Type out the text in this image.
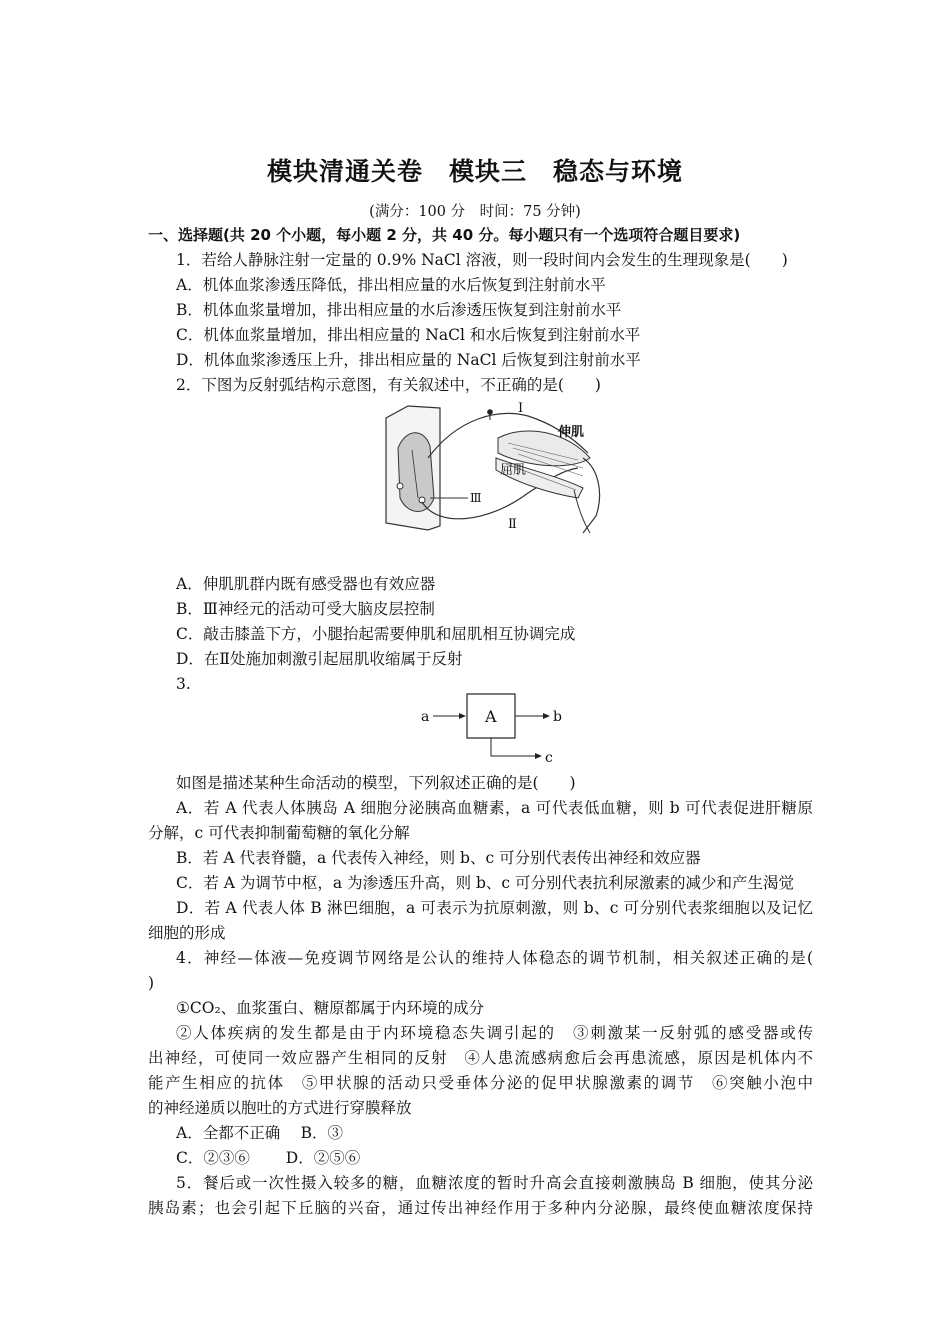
模块清通关卷　模块三　稳态与环境
(满分：100 分　时间：75 分钟)
一、选择题(共 20 个小题，每小题 2 分，共 40 分。每小题只有一个选项符合题目要求)
1．若给人静脉注射一定量的 0.9% NaCl 溶液，则一段时间内会发生的生理现象是(　　)
A．机体血浆渗透压降低，排出相应量的水后恢复到注射前水平
B．机体血浆量增加，排出相应量的水后渗透压恢复到注射前水平
C．机体血浆量增加，排出相应量的 NaCl 和水后恢复到注射前水平
D．机体血浆渗透压上升，排出相应量的 NaCl 后恢复到注射前水平
2．下图为反射弧结构示意图，有关叙述中，不正确的是(　　)
Ⅰ
Ⅱ
Ⅲ
伸肌
屈肌
A．伸肌肌群内既有感受器也有效应器
B．Ⅲ神经元的活动可受大脑皮层控制
C．敲击膝盖下方，小腿抬起需要伸肌和屈肌相互协调完成
D．在Ⅱ处施加刺激引起屈肌收缩属于反射
3.
a	A	b
c
如图是描述某种生命活动的模型，下列叙述正确的是(　　)
A．若 A 代表人体胰岛 A 细胞分泌胰高血糖素，a 可代表低血糖，则 b 可代表促进肝糖原
分解，c 可代表抑制葡萄糖的氧化分解
B．若 A 代表脊髓，a 代表传入神经，则 b、c 可分别代表传出神经和效应器
C．若 A 为调节中枢，a 为渗透压升高，则 b、c 可分别代表抗利尿激素的减少和产生渴觉
D．若 A 代表人体 B 淋巴细胞，a 可表示为抗原刺激，则 b、c 可分别代表浆细胞以及记忆
细胞的形成
4．神经—体液—免疫调节网络是公认的维持人体稳态的调节机制，相关叙述正确的是(
)
①CO₂、血浆蛋白、糖原都属于内环境的成分
②人体疾病的发生都是由于内环境稳态失调引起的　③刺激某一反射弧的感受器或传
出神经，可使同一效应器产生相同的反射　④人患流感病愈后会再患流感，原因是机体内不
能产生相应的抗体　⑤甲状腺的活动只受垂体分泌的促甲状腺激素的调节　⑥突触小泡中
的神经递质以胞吐的方式进行穿膜释放
A．全都不正确　 B．③
C．②③⑥　　 D．②⑤⑥
5．餐后或一次性摄入较多的糖，血糖浓度的暂时升高会直接刺激胰岛 B 细胞，使其分泌
胰岛素；也会引起下丘脑的兴奋，通过传出神经作用于多种内分泌腺，最终使血糖浓度保持
